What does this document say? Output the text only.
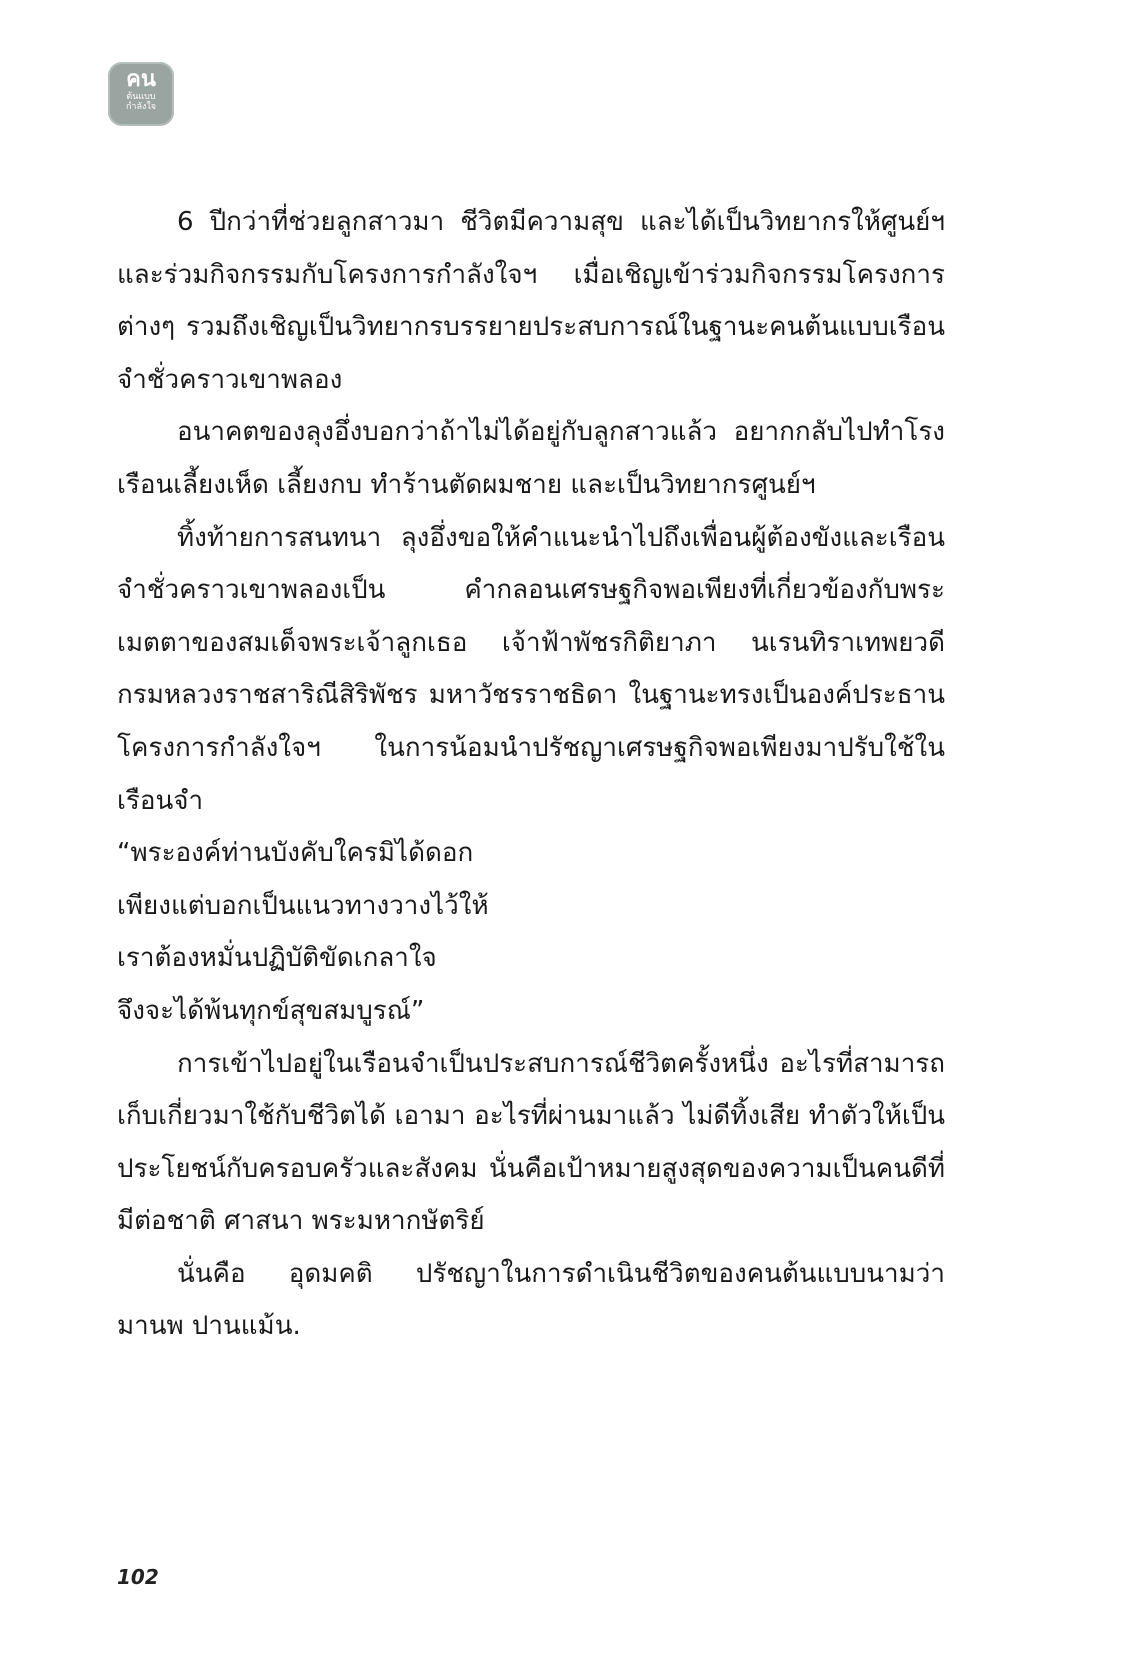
คน
ต้นแบบ
กำลังใจ

6 ปีกว่าที่ช่วยลูกสาวมา ชีวิตมีความสุข และได้เป็นวิทยากรให้ศูนย์ฯ และร่วมกิจกรรมกับโครงการกำลังใจฯ เมื่อเชิญเข้าร่วมกิจกรรมโครงการต่างๆ รวมถึงเชิญเป็นวิทยากรบรรยายประสบการณ์ในฐานะคนต้นแบบเรือนจำชั่วคราวเขาพลอง

อนาคตของลุงอึ่งบอกว่าถ้าไม่ได้อยู่กับลูกสาวแล้ว อยากกลับไปทำโรงเรือนเลี้ยงเห็ด เลี้ยงกบ ทำร้านตัดผมชาย และเป็นวิทยากรศูนย์ฯ

ทิ้งท้ายการสนทนา ลุงอึ่งขอให้คำแนะนำไปถึงเพื่อนผู้ต้องขังและเรือนจำชั่วคราวเขาพลองเป็น คำกลอนเศรษฐกิจพอเพียงที่เกี่ยวข้องกับพระเมตตาของสมเด็จพระเจ้าลูกเธอ เจ้าฟ้าพัชรกิติยาภา นเรนทิราเทพยวดี กรมหลวงราชสาริณีสิริพัชร มหาวัชรราชธิดา ในฐานะทรงเป็นองค์ประธานโครงการกำลังใจฯ ในการน้อมนำปรัชญาเศรษฐกิจพอเพียงมาปรับใช้ในเรือนจำ

“พระองค์ท่านบังคับใครมิได้ดอก

เพียงแต่บอกเป็นแนวทางวางไว้ให้

เราต้องหมั่นปฏิบัติขัดเกลาใจ

จึงจะได้พ้นทุกข์สุขสมบูรณ์”

การเข้าไปอยู่ในเรือนจำเป็นประสบการณ์ชีวิตครั้งหนึ่ง อะไรที่สามารถเก็บเกี่ยวมาใช้กับชีวิตได้ เอามา อะไรที่ผ่านมาแล้ว ไม่ดีทิ้งเสีย ทำตัวให้เป็นประโยชน์กับครอบครัวและสังคม นั่นคือเป้าหมายสูงสุดของความเป็นคนดีที่มีต่อชาติ ศาสนา พระมหากษัตริย์

นั่นคือ อุดมคติ ปรัชญาในการดำเนินชีวิตของคนต้นแบบนามว่า มานพ ปานแม้น.

102
